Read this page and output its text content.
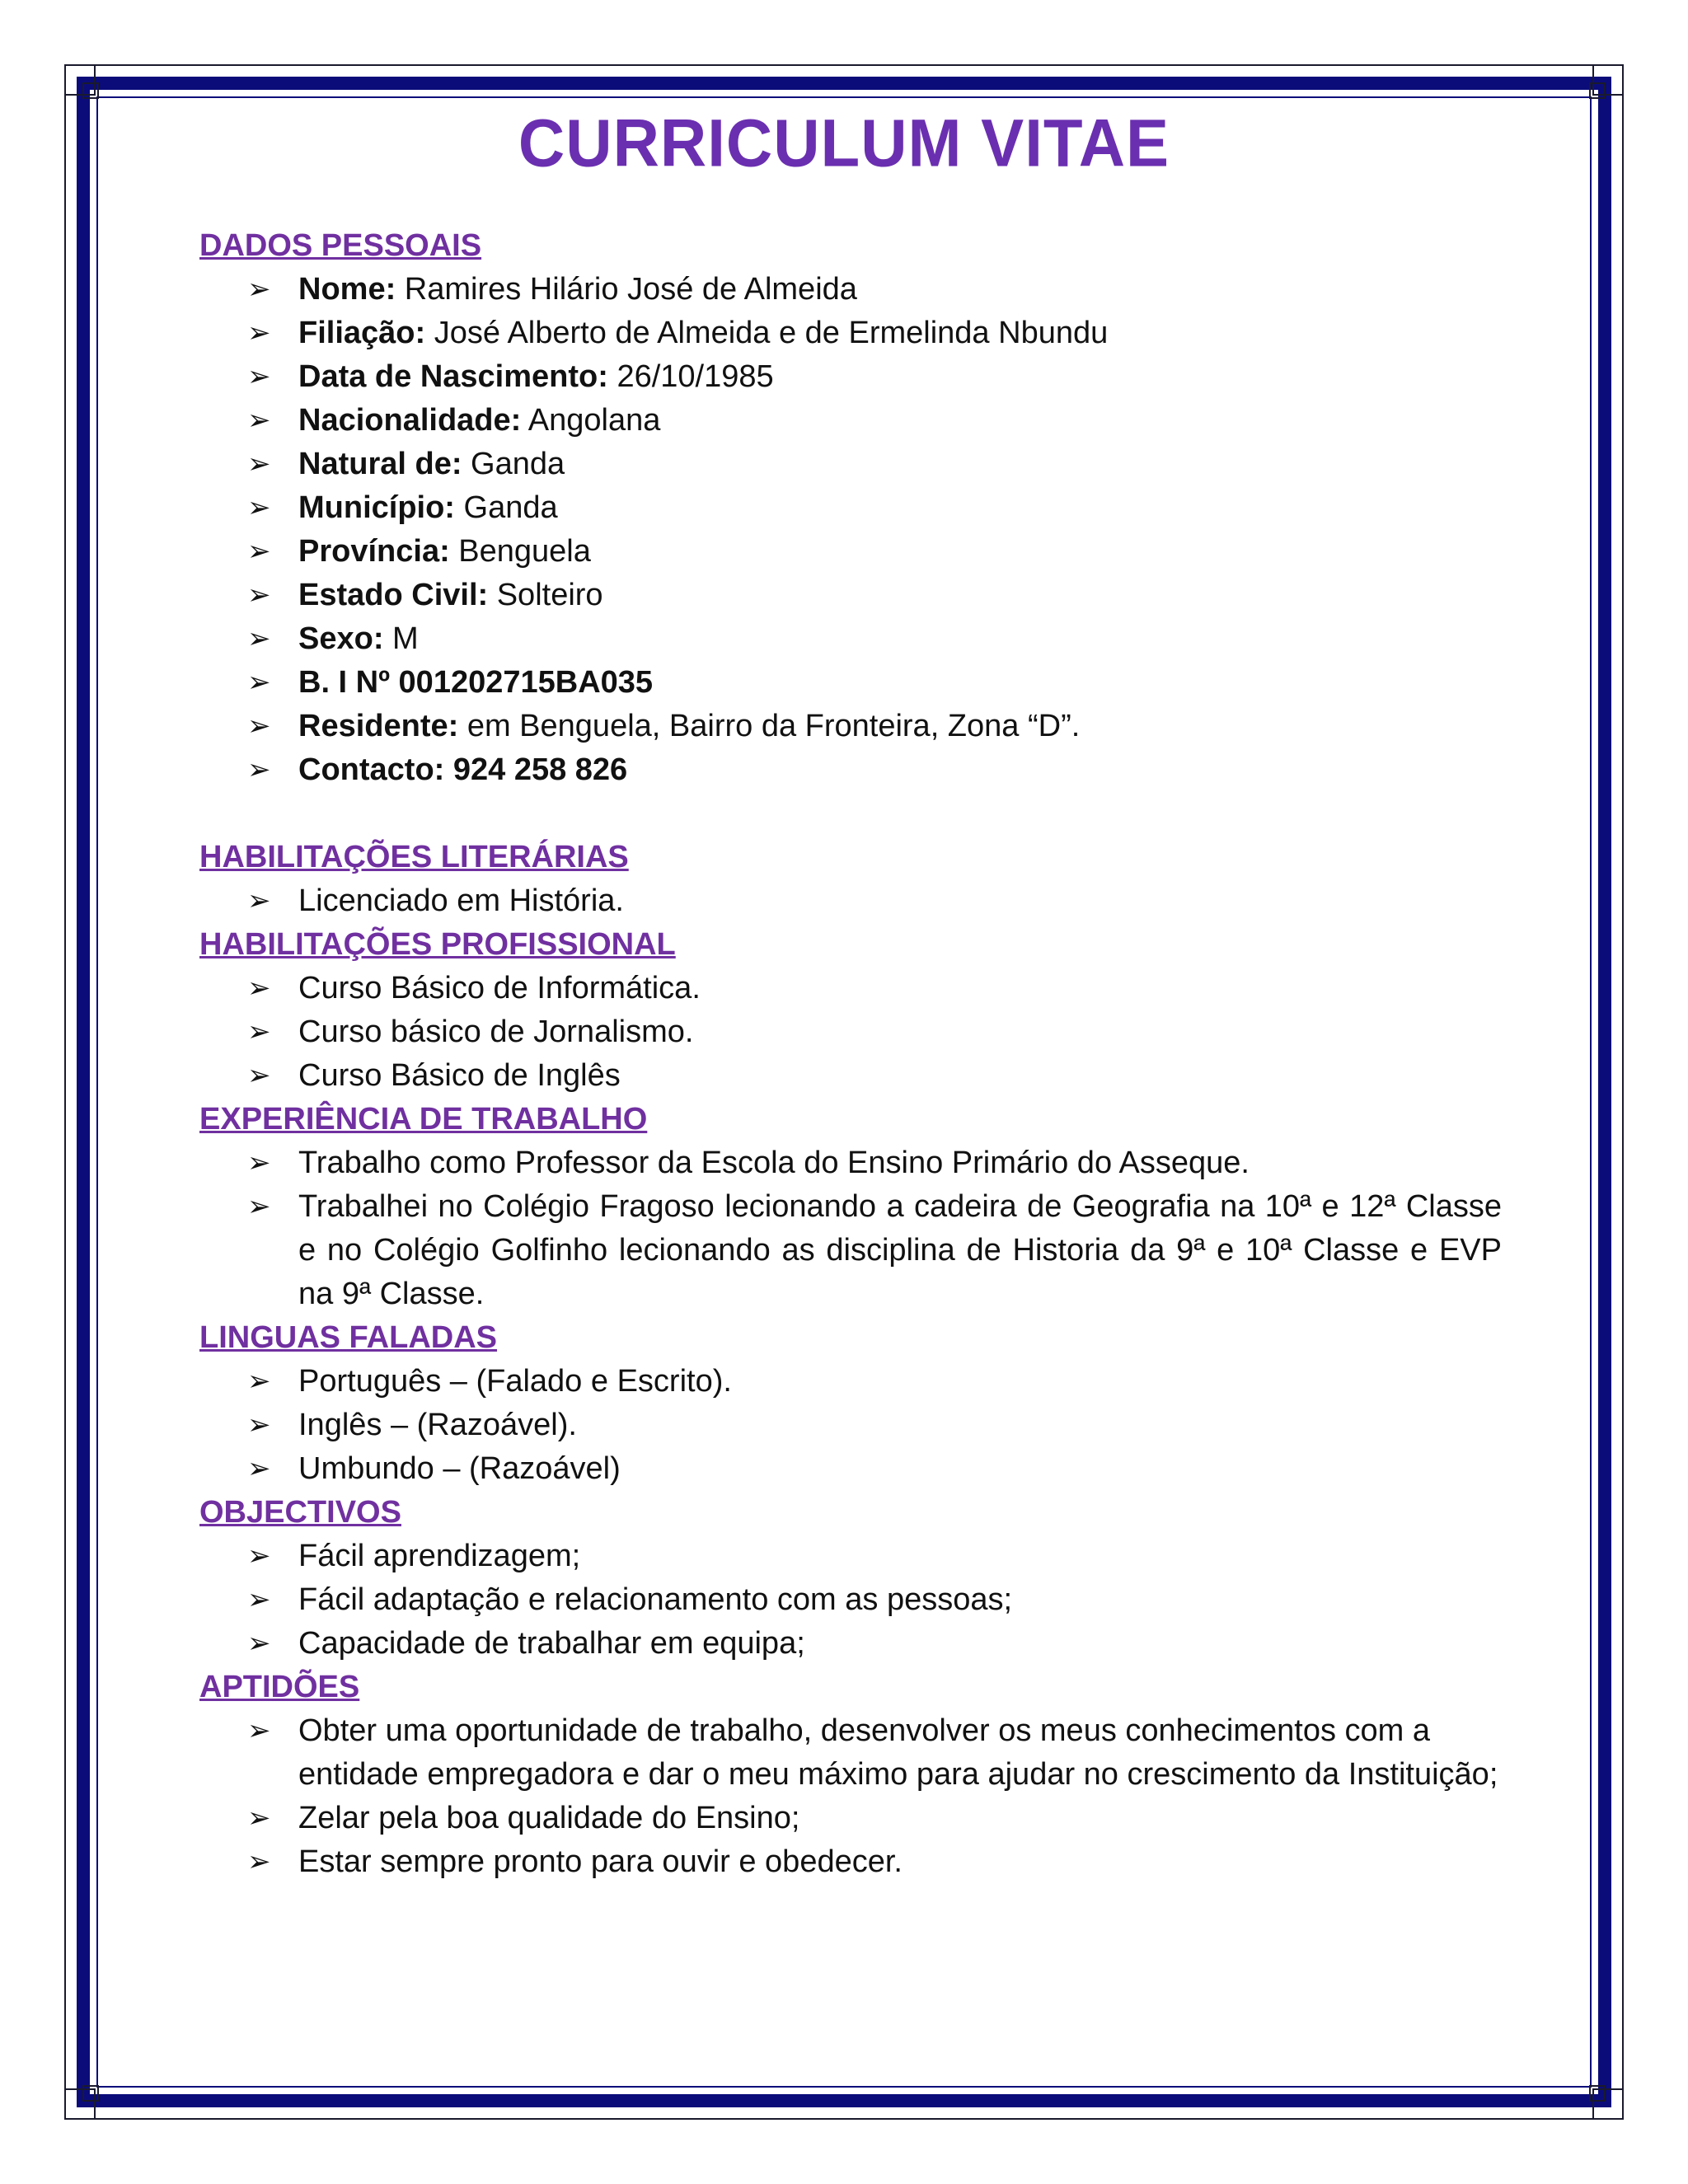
CURRICULUM VITAE
DADOS PESSOAIS
➢ Nome: Ramires Hilário José de Almeida
➢ Filiação: José Alberto de Almeida e de Ermelinda Nbundu
➢ Data de Nascimento: 26/10/1985
➢ Nacionalidade: Angolana
➢ Natural de: Ganda
➢ Município: Ganda
➢ Província: Benguela
➢ Estado Civil: Solteiro
➢ Sexo: M
➢ B. I Nº 001202715BA035
➢ Residente: em Benguela, Bairro da Fronteira, Zona “D”.
➢ Contacto: 924 258 826
HABILITAÇÕES LITERÁRIAS
➢ Licenciado em História.
HABILITAÇÕES PROFISSIONAL
➢ Curso Básico de Informática.
➢ Curso básico de Jornalismo.
➢ Curso Básico de Inglês
EXPERIÊNCIA DE TRABALHO
➢ Trabalho como Professor da Escola do Ensino Primário do Asseque.
➢ Trabalhei no Colégio Fragoso lecionando a cadeira de Geografia na 10ª e 12ª Classe e no Colégio Golfinho lecionando as disciplina de Historia da 9ª e 10ª Classe e EVP na 9ª Classe.
LINGUAS FALADAS
➢ Português – (Falado e Escrito).
➢ Inglês – (Razoável).
➢ Umbundo – (Razoável)
OBJECTIVOS
➢ Fácil aprendizagem;
➢ Fácil adaptação e relacionamento com as pessoas;
➢ Capacidade de trabalhar em equipa;
APTIDÕES
➢ Obter uma oportunidade de trabalho, desenvolver os meus conhecimentos com a entidade empregadora e dar o meu máximo para ajudar no crescimento da Instituição;
➢ Zelar pela boa qualidade do Ensino;
➢ Estar sempre pronto para ouvir e obedecer.
